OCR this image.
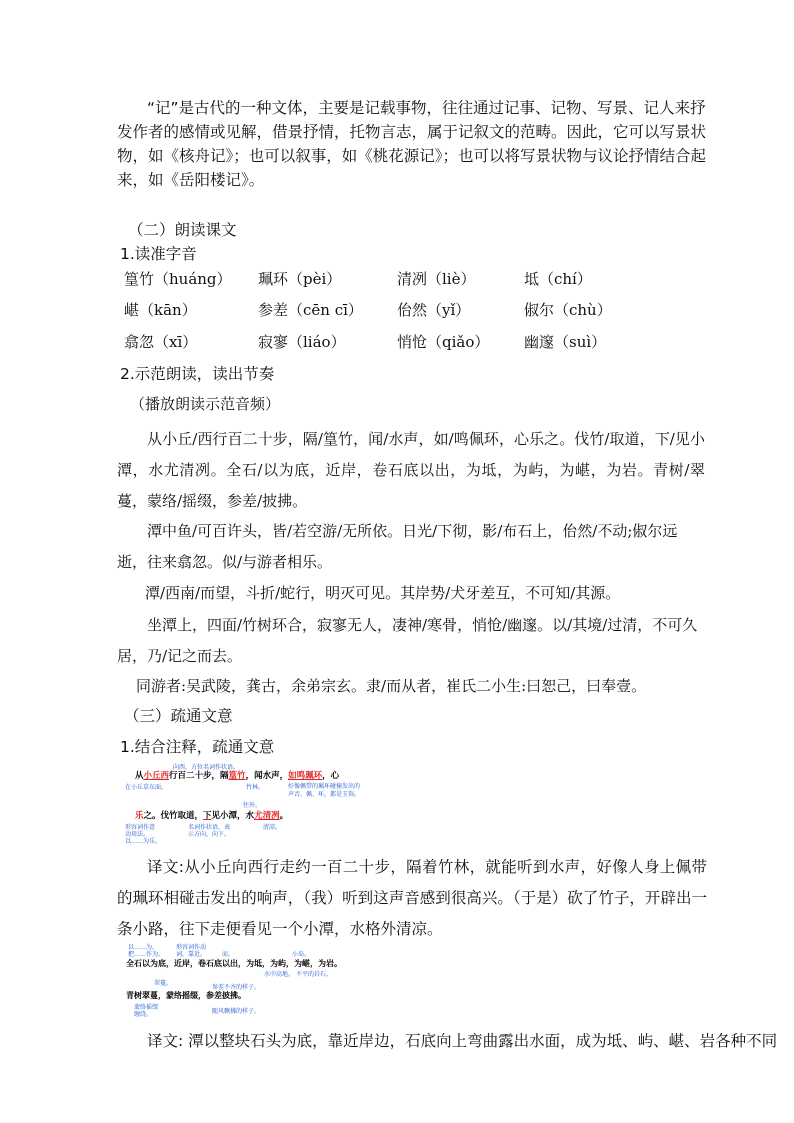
“记”是古代的一种文体，主要是记载事物，往往通过记事、记物、写景、记人来抒发作者的感情或见解，借景抒情，托物言志，属于记叙文的范畴。因此，它可以写景状物，如《核舟记》；也可以叙事，如《桃花源记》；也可以将写景状物与议论抒情结合起来，如《岳阳楼记》。
（二）朗读课文
1.读准字音
篁竹（huáng） 珮环（pèi）	清冽（liè）	坻（chí）
嵁（kān）	参差（cēn cī） 佁然（yǐ）	俶尔（chù）
翕忽（xī）	寂寥（liáo）	悄怆（qiǎo） 幽邃（suì）
2.示范朗读，读出节奏
（播放朗读示范音频）
从小丘/西行百二十步，隔/篁竹，闻/水声，如/鸣佩环，心乐之。伐竹/取道，下/见小潭，水尤清冽。全石/以为底，近岸，卷石底以出，为坻，为屿，为嵁，为岩。青树/翠蔓，蒙络/摇缀，参差/披拂。
潭中鱼/可百许头，皆/若空游/无所依。日光/下彻，影/布石上，佁然/不动;俶尔远逝，往来翕忽。似/与游者相乐。
潭/西南/而望，斗折/蛇行，明灭可见。其岸势/犬牙差互，不可知/其源。
坐潭上，四面/竹树环合，寂寥无人，凄神/寒骨，悄怆/幽邃。以/其境/过清，不可久居，乃/记之而去。
同游者:吴武陵，龚古，余弟宗玄。隶/而从者，崔氏二小生:曰恕己，曰奉壹。
（三）疏通文意
1.结合注释，疏通文意
向西，方位名词作状语。
从小丘西行百二十步，隔篁竹，闻水声，如鸣珮环，心
在小丘草东面。	竹林。	好像佩带的珮环碰撞发出的
声音。佩、环，都是玉饰。
往外。
乐之。伐竹取道，下见小潭，水尤清冽。
形容词作意
动用法。
以……为乐。
名词作状语，表
示方向，向下。
清凉。
译文:从小丘向西行走约一百二十步，隔着竹林，就能听到水声，好像人身上佩带的珮环相碰击发出的响声，（我）听到这声音感到很高兴。（于是）砍了竹子，开辟出一条小路，往下走便看见一个小潭，水格外清凉。
以……为，
把……作为。
形容词作动
词，靠近。	而。	小岛。
全石以为底，近岸，卷石底以出，为坻，为屿，为嵁，为岩。
水中高地。 不平的岩石。
翠蔓。
参差不齐的样子。
青树翠蔓，蒙络摇缀，参差披拂。
蒙络摇缀
缠绕。	随风飘拂的样子。
译文: 潭以整块石头为底，靠近岸边，石底向上弯曲露出水面，成为坻、屿、嵁、岩各种不同
